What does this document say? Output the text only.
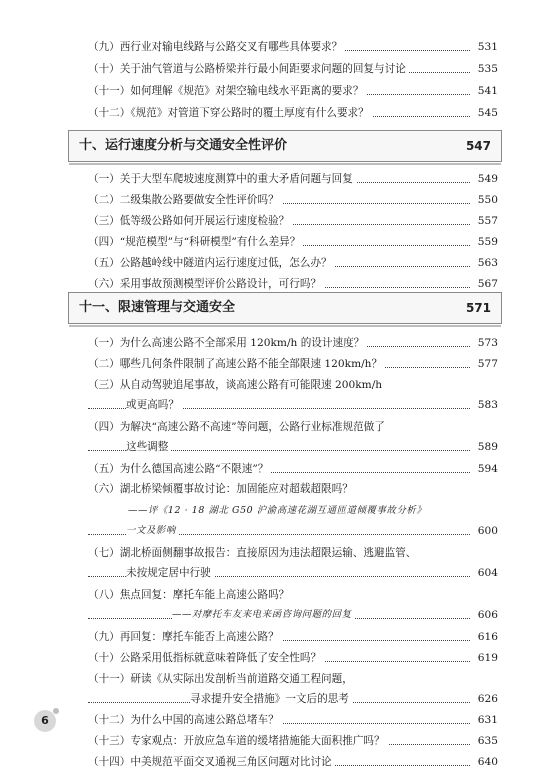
（九）西行业对输电线路与公路交叉有哪些具体要求？	531
（十）关于油气管道与公路桥梁并行最小间距要求问题的回复与讨论	535
（十一）如何理解《规范》对架空输电线水平距离的要求？	541
（十二）《规范》对管道下穿公路时的覆土厚度有什么要求？	545
十、运行速度分析与交通安全性评价	547
（一）关于大型车爬坡速度测算中的重大矛盾问题与回复	549
（二）二级集散公路要做安全性评价吗？	550
（三）低等级公路如何开展运行速度检验？	557
（四）“规范模型”与“科研模型”有什么差异？	559
（五）公路越岭线中隧道内运行速度过低，怎么办？	563
（六）采用事故预测模型评价公路设计，可行吗？	567
十一、限速管理与交通安全	571
（一）为什么高速公路不全部采用 120km/h 的设计速度？	573
（二）哪些几何条件限制了高速公路不能全部限速 120km/h？	577
（三）从自动驾驶追尾事故，谈高速公路有可能限速 200km/h
或更高吗？	583
（四）为解决“高速公路不高速”等问题，公路行业标准规范做了
这些调整	589
（五）为什么德国高速公路“不限速”？	594
（六）湖北桥梁倾覆事故讨论：加固能应对超载超限吗？
——评《12 · 18 湖北 G50 沪渝高速花湖互通匝道倾覆事故分析》
一文及影响	600
（七）湖北桥面侧翻事故报告：直接原因为违法超限运输、逃避监管、
未按规定居中行驶	604
（八）焦点回复：摩托车能上高速公路吗？
——对摩托车友来电来函咨询问题的回复	606
（九）再回复：摩托车能否上高速公路？	616
（十）公路采用低指标就意味着降低了安全性吗？	619
（十一）研读《从实际出发剖析当前道路交通工程问题，
寻求提升安全措施》一文后的思考	626
（十二）为什么中国的高速公路总堵车？	631
（十三）专家观点：开放应急车道的缓堵措施能大面积推广吗？	635
（十四）中美规范平面交叉通视三角区问题对比讨论	640
6
